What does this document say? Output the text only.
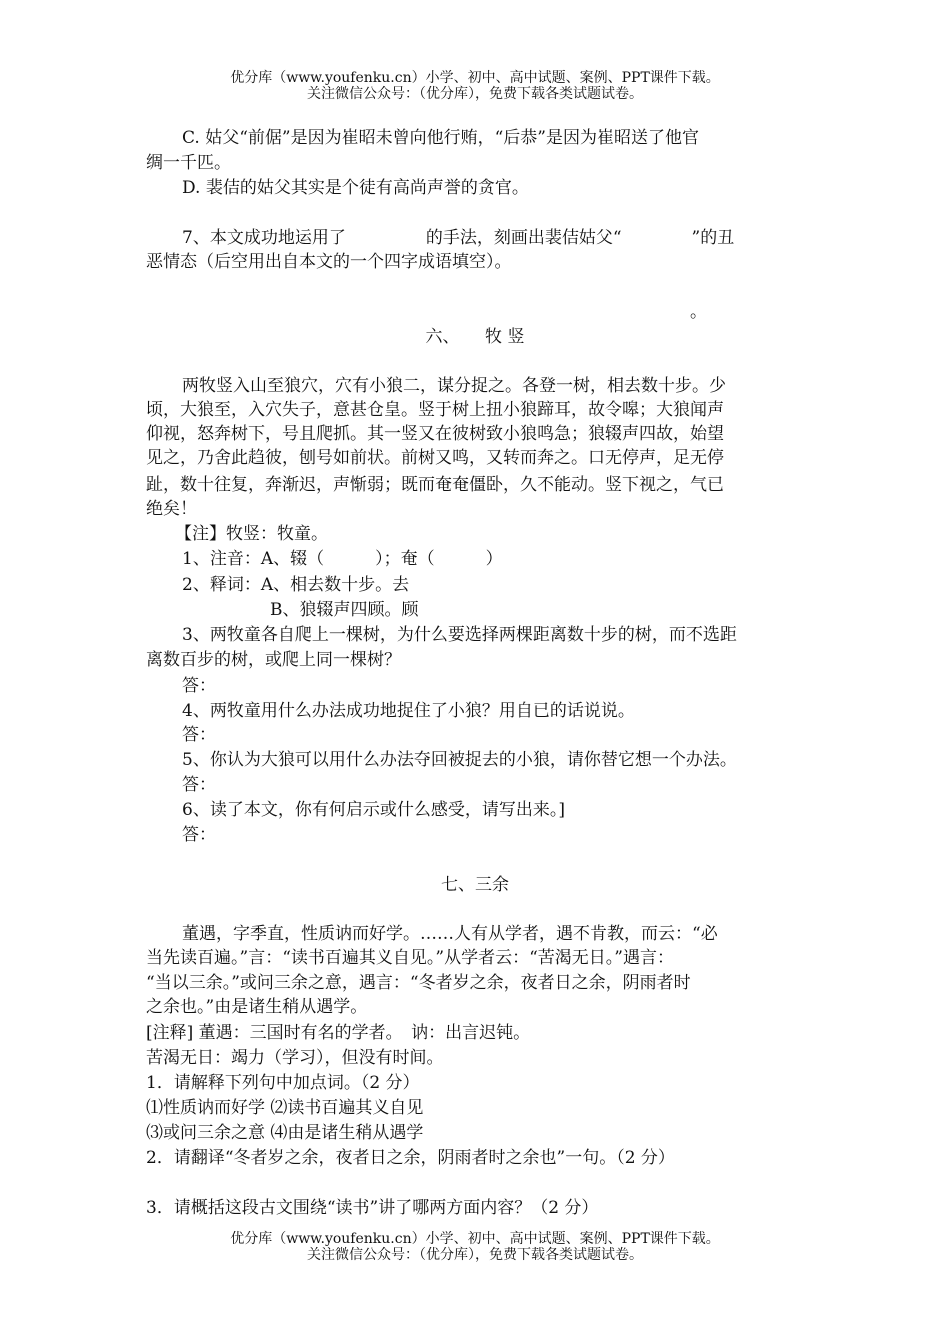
优分库（www.youfenku.cn）小学、初中、高中试题、案例、PPT课件下载。
关注微信公众号：（优分库），免费下载各类试题试卷。
C. 姑父“前倨”是因为崔昭未曾向他行贿，“后恭”是因为崔昭送了他官
绸一千匹。
D. 裴佶的姑父其实是个徒有高尚声誉的贪官。
7、本文成功地运用了	的手法，刻画出裴佶姑父“	”的丑
恶情态（后空用出自本文的一个四字成语填空）。
。
六、　　牧 竖
两牧竖入山至狼穴，穴有小狼二，谋分捉之。各登一树，相去数十步。少
顷，大狼至，入穴失子，意甚仓皇。竖于树上扭小狼蹄耳，故令嗥；大狼闻声
仰视，怒奔树下，号且爬抓。其一竖又在彼树致小狼鸣急；狼辍声四故，始望
见之，乃舍此趋彼，刨号如前状。前树又鸣，又转而奔之。口无停声，足无停
趾，数十往复，奔渐迟，声惭弱；既而奄奄僵卧，久不能动。竖下视之，气已
绝矣！
【注】牧竖：牧童。
1、注音：A、辍（　　　）；奄（　　　）
2、释词：A、相去数十步。去
B、狼辍声四顾。顾
3、两牧童各自爬上一棵树，为什么要选择两棵距离数十步的树，而不选距
离数百步的树，或爬上同一棵树？
答：
4、两牧童用什么办法成功地捉住了小狼？用自已的话说说。
答：
5、你认为大狼可以用什么办法夺回被捉去的小狼，请你替它想一个办法。
答：
6、读了本文，你有何启示或什么感受，请写出来。]
答：
七、三余
董遇，字季直，性质讷而好学。……人有从学者，遇不肯教，而云：“必
当先读百遍。”言：“读书百遍其义自见。”从学者云：“苦渴无日。”遇言：
“当以三余。”或问三余之意，遇言：“冬者岁之余，夜者日之余，阴雨者时
之余也。”由是诸生稍从遇学。
[注释] 董遇：三国时有名的学者。　讷：出言迟钝。
苦渴无日：竭力（学习），但没有时间。
1．请解释下列句中加点词。（2 分）
⑴性质讷而好学 ⑵读书百遍其义自见
⑶或问三余之意 ⑷由是诸生稍从遇学
2．请翻译“冬者岁之余，夜者日之余，阴雨者时之余也”一句。（2 分）
3．请概括这段古文围绕“读书”讲了哪两方面内容？（2 分）
优分库（www.youfenku.cn）小学、初中、高中试题、案例、PPT课件下载。
关注微信公众号：（优分库），免费下载各类试题试卷。
